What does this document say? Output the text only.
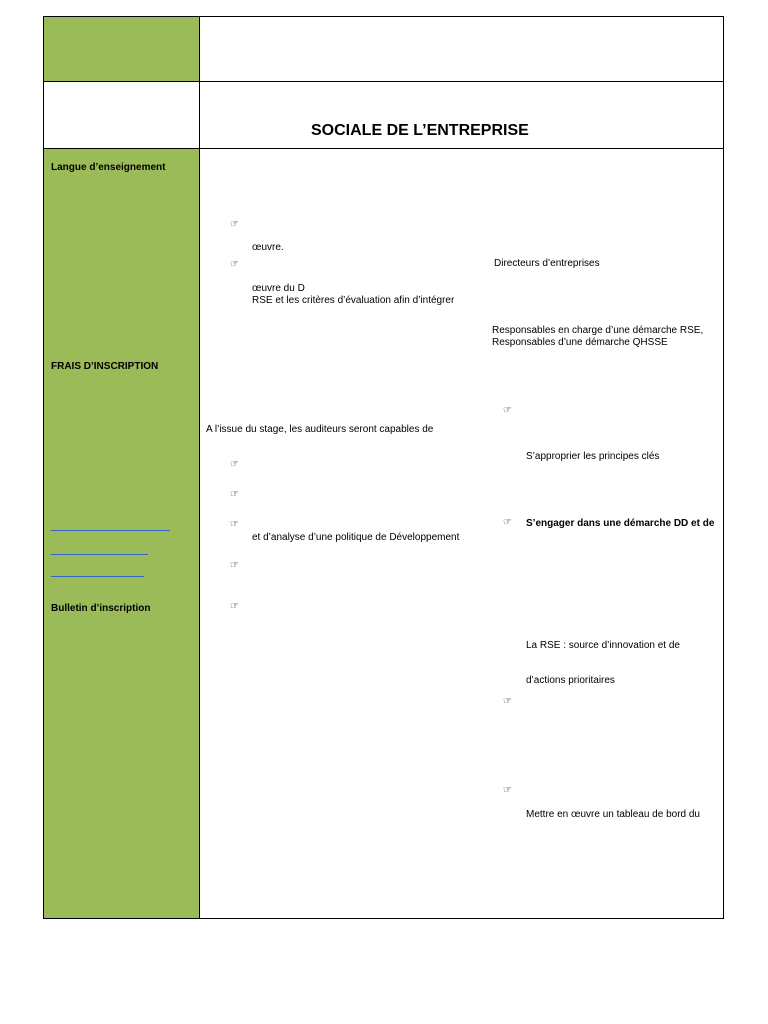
Langue d’enseignement
FRAIS D’INSCRIPTION
Bulletin d’inscription
SOCIALE DE L’ENTREPRISE
☞
œuvre.
☞
œuvre du D
RSE et les critères d’évaluation afin d’intégrer
A l’issue du stage, les auditeurs seront capables de
☞
☞
☞
et d’analyse d’une politique de Développement
☞
☞
Directeurs d’entreprises
Responsables en charge d’une démarche RSE,
Responsables d’une démarche QHSSE
☞
S’approprier les principes clés
☞ S’engager dans une démarche DD et de
La RSE : source d’innovation et de
d’actions prioritaires
☞
☞
Mettre en œuvre un tableau de bord du
